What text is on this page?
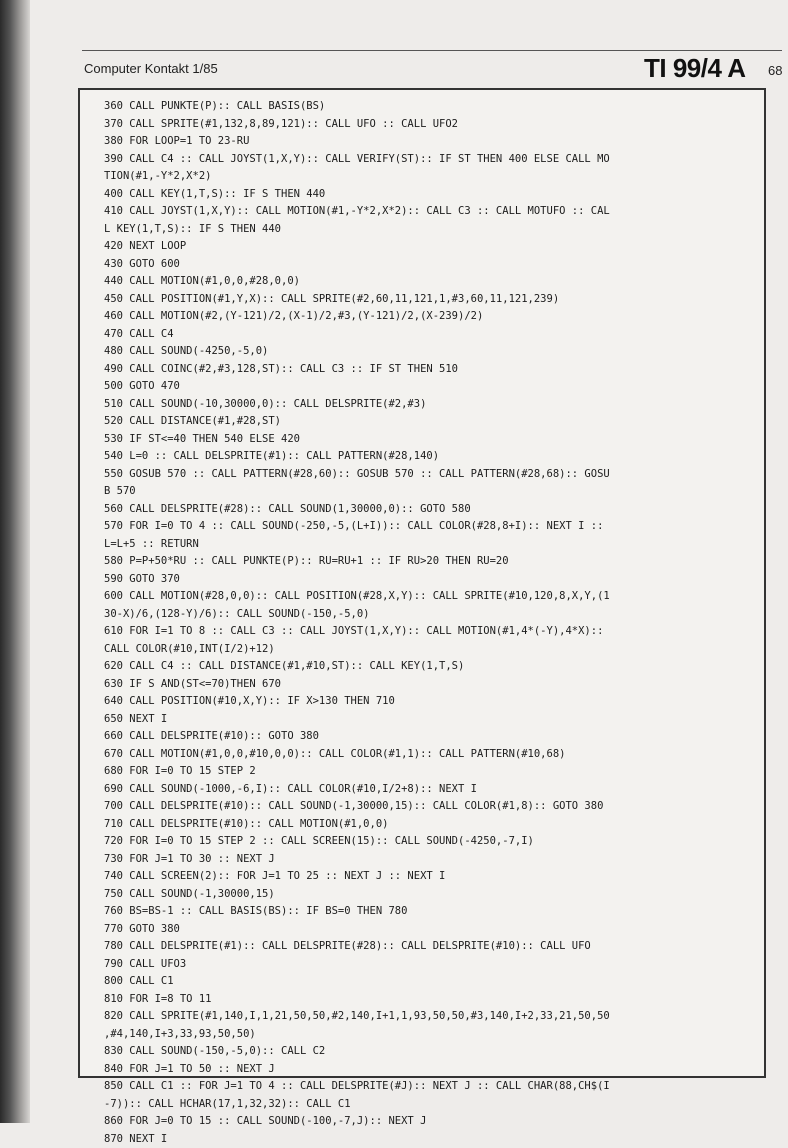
Computer Kontakt 1/85	TI 99/4 A 68
360 CALL PUNKTE(P):: CALL BASIS(BS)
370 CALL SPRITE(#1,132,8,89,121):: CALL UFO :: CALL UFO2
380 FOR LOOP=1 TO 23-RU
390 CALL C4 :: CALL JOYST(1,X,Y):: CALL VERIFY(ST):: IF ST THEN 400 ELSE CALL MO
TION(#1,-Y*2,X*2)
400 CALL KEY(1,T,S):: IF S THEN 440
410 CALL JOYST(1,X,Y):: CALL MOTION(#1,-Y*2,X*2):: CALL C3 :: CALL MOTUFO :: CAL
L KEY(1,T,S):: IF S THEN 440
420 NEXT LOOP
430 GOTO 600
440 CALL MOTION(#1,0,0,#28,0,0)
450 CALL POSITION(#1,Y,X):: CALL SPRITE(#2,60,11,121,1,#3,60,11,121,239)
460 CALL MOTION(#2,(Y-121)/2,(X-1)/2,#3,(Y-121)/2,(X-239)/2)
470 CALL C4
480 CALL SOUND(-4250,-5,0)
490 CALL COINC(#2,#3,128,ST):: CALL C3 :: IF ST THEN 510
500 GOTO 470
510 CALL SOUND(-10,30000,0):: CALL DELSPRITE(#2,#3)
520 CALL DISTANCE(#1,#28,ST)
530 IF ST<=40 THEN 540 ELSE 420
540 L=0 :: CALL DELSPRITE(#1):: CALL PATTERN(#28,140)
550 GOSUB 570 :: CALL PATTERN(#28,60):: GOSUB 570 :: CALL PATTERN(#28,68):: GOSU
B 570
560 CALL DELSPRITE(#28):: CALL SOUND(1,30000,0):: GOTO 580
570 FOR I=0 TO 4 :: CALL SOUND(-250,-5,(L+I)):: CALL COLOR(#28,8+I):: NEXT I ::
L=L+5 :: RETURN
580 P=P+50*RU :: CALL PUNKTE(P):: RU=RU+1 :: IF RU>20 THEN RU=20
590 GOTO 370
600 CALL MOTION(#28,0,0):: CALL POSITION(#28,X,Y):: CALL SPRITE(#10,120,8,X,Y,(1
30-X)/6,(128-Y)/6):: CALL SOUND(-150,-5,0)
610 FOR I=1 TO 8 :: CALL C3 :: CALL JOYST(1,X,Y):: CALL MOTION(#1,4*(-Y),4*X)::
CALL COLOR(#10,INT(I/2)+12)
620 CALL C4 :: CALL DISTANCE(#1,#10,ST):: CALL KEY(1,T,S)
630 IF S AND(ST<=70)THEN 670
640 CALL POSITION(#10,X,Y):: IF X>130 THEN 710
650 NEXT I
660 CALL DELSPRITE(#10):: GOTO 380
670 CALL MOTION(#1,0,0,#10,0,0):: CALL COLOR(#1,1):: CALL PATTERN(#10,68)
680 FOR I=0 TO 15 STEP 2
690 CALL SOUND(-1000,-6,I):: CALL COLOR(#10,I/2+8):: NEXT I
700 CALL DELSPRITE(#10):: CALL SOUND(-1,30000,15):: CALL COLOR(#1,8):: GOTO 380
710 CALL DELSPRITE(#10):: CALL MOTION(#1,0,0)
720 FOR I=0 TO 15 STEP 2 :: CALL SCREEN(15):: CALL SOUND(-4250,-7,I)
730 FOR J=1 TO 30 :: NEXT J
740 CALL SCREEN(2):: FOR J=1 TO 25 :: NEXT J :: NEXT I
750 CALL SOUND(-1,30000,15)
760 BS=BS-1 :: CALL BASIS(BS):: IF BS=0 THEN 780
770 GOTO 380
780 CALL DELSPRITE(#1):: CALL DELSPRITE(#28):: CALL DELSPRITE(#10):: CALL UFO
790 CALL UFO3
800 CALL C1
810 FOR I=8 TO 11
820 CALL SPRITE(#1,140,I,1,21,50,50,#2,140,I+1,1,93,50,50,#3,140,I+2,33,21,50,50
,#4,140,I+3,33,93,50,50)
830 CALL SOUND(-150,-5,0):: CALL C2
840 FOR J=1 TO 50 :: NEXT J
850 CALL C1 :: FOR J=1 TO 4 :: CALL DELSPRITE(#J):: NEXT J :: CALL CHAR(88,CH$(I
-7)):: CALL HCHAR(17,1,32,32):: CALL C1
860 FOR J=0 TO 15 :: CALL SOUND(-100,-7,J):: NEXT J
870 NEXT I
